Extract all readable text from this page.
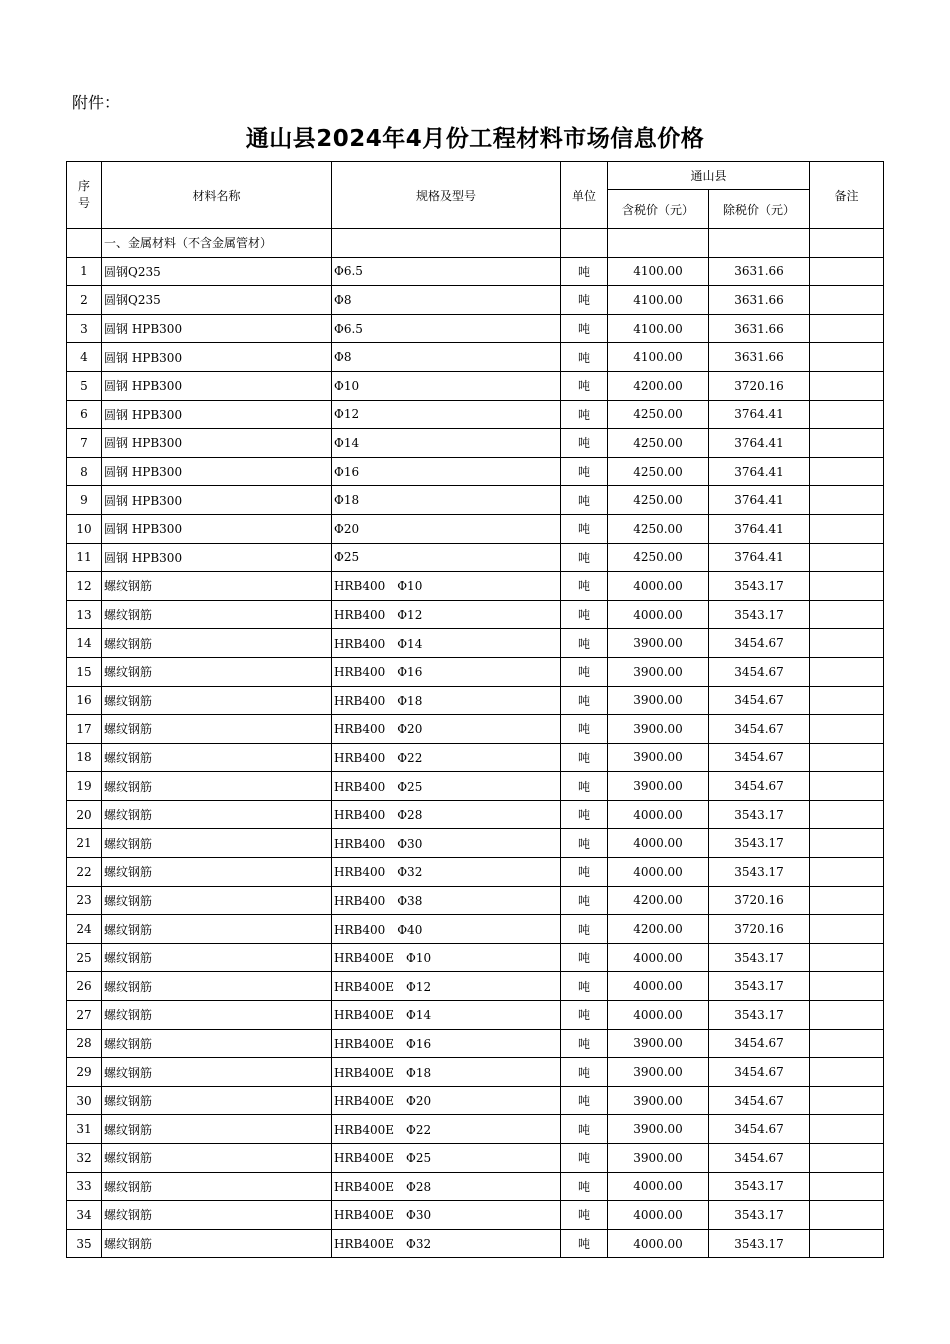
附件：
通山县2024年4月份工程材料市场信息价格
序
号	材料名称	规格及型号	单位	通山县		备注
				含税价（元）	除税价（元）	
	一、金属材料（不含金属管材）					
1	圆钢Q235	Φ6.5	吨	4100.00	3631.66	
2	圆钢Q235	Φ8	吨	4100.00	3631.66	
3	圆钢 HPB300	Φ6.5	吨	4100.00	3631.66	
4	圆钢 HPB300	Φ8	吨	4100.00	3631.66	
5	圆钢 HPB300	Φ10	吨	4200.00	3720.16	
6	圆钢 HPB300	Φ12	吨	4250.00	3764.41	
7	圆钢 HPB300	Φ14	吨	4250.00	3764.41	
8	圆钢 HPB300	Φ16	吨	4250.00	3764.41	
9	圆钢 HPB300	Φ18	吨	4250.00	3764.41	
10	圆钢 HPB300	Φ20	吨	4250.00	3764.41	
11	圆钢 HPB300	Φ25	吨	4250.00	3764.41	
12	螺纹钢筋	HRB400　Φ10	吨	4000.00	3543.17	
13	螺纹钢筋	HRB400　Φ12	吨	4000.00	3543.17	
14	螺纹钢筋	HRB400　Φ14	吨	3900.00	3454.67	
15	螺纹钢筋	HRB400　Φ16	吨	3900.00	3454.67	
16	螺纹钢筋	HRB400　Φ18	吨	3900.00	3454.67	
17	螺纹钢筋	HRB400　Φ20	吨	3900.00	3454.67	
18	螺纹钢筋	HRB400　Φ22	吨	3900.00	3454.67	
19	螺纹钢筋	HRB400　Φ25	吨	3900.00	3454.67	
20	螺纹钢筋	HRB400　Φ28	吨	4000.00	3543.17	
21	螺纹钢筋	HRB400　Φ30	吨	4000.00	3543.17	
22	螺纹钢筋	HRB400　Φ32	吨	4000.00	3543.17	
23	螺纹钢筋	HRB400　Φ38	吨	4200.00	3720.16	
24	螺纹钢筋	HRB400　Φ40	吨	4200.00	3720.16	
25	螺纹钢筋	HRB400E　Φ10	吨	4000.00	3543.17	
26	螺纹钢筋	HRB400E　Φ12	吨	4000.00	3543.17	
27	螺纹钢筋	HRB400E　Φ14	吨	4000.00	3543.17	
28	螺纹钢筋	HRB400E　Φ16	吨	3900.00	3454.67	
29	螺纹钢筋	HRB400E　Φ18	吨	3900.00	3454.67	
30	螺纹钢筋	HRB400E　Φ20	吨	3900.00	3454.67	
31	螺纹钢筋	HRB400E　Φ22	吨	3900.00	3454.67	
32	螺纹钢筋	HRB400E　Φ25	吨	3900.00	3454.67	
33	螺纹钢筋	HRB400E　Φ28	吨	4000.00	3543.17	
34	螺纹钢筋	HRB400E　Φ30	吨	4000.00	3543.17	
35	螺纹钢筋	HRB400E　Φ32	吨	4000.00	3543.17	
